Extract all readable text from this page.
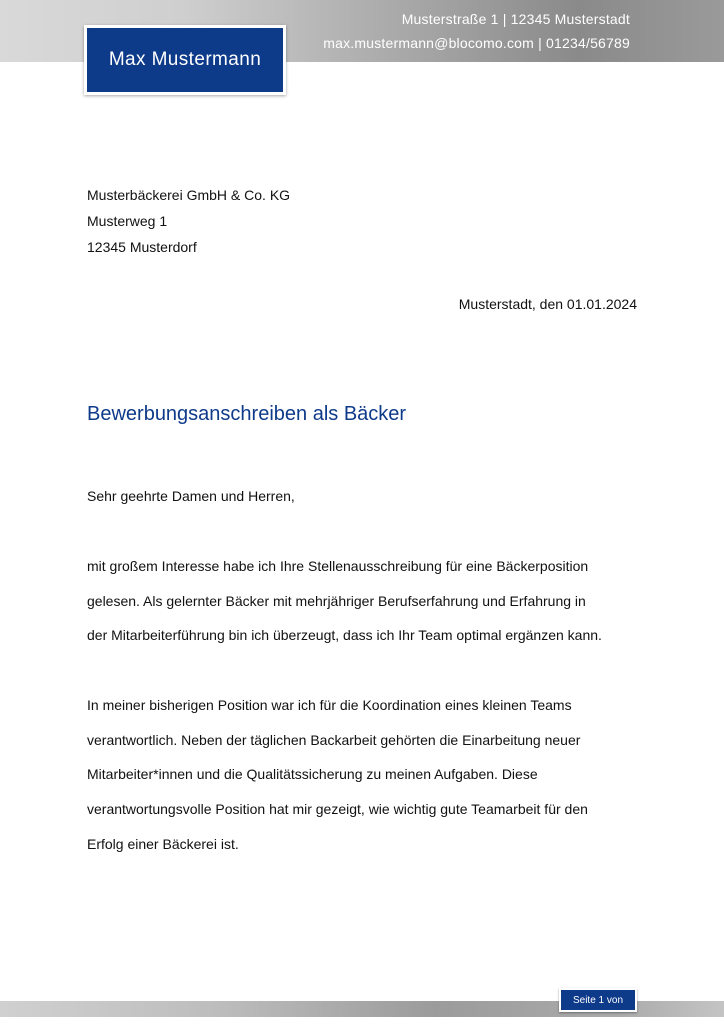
Musterstraße 1 | 12345 Musterstadt
max.mustermann@blocomo.com | 01234/56789
Max Mustermann
Musterbäckerei GmbH & Co. KG
Musterweg 1
12345 Musterdorf
Musterstadt, den 01.01.2024
Bewerbungsanschreiben als Bäcker
Sehr geehrte Damen und Herren,
mit großem Interesse habe ich Ihre Stellenausschreibung für eine Bäckerposition
gelesen. Als gelernter Bäcker mit mehrjähriger Berufserfahrung und Erfahrung in
der Mitarbeiterführung bin ich überzeugt, dass ich Ihr Team optimal ergänzen kann.
In meiner bisherigen Position war ich für die Koordination eines kleinen Teams
verantwortlich. Neben der täglichen Backarbeit gehörten die Einarbeitung neuer
Mitarbeiter*innen und die Qualitätssicherung zu meinen Aufgaben. Diese
verantwortungsvolle Position hat mir gezeigt, wie wichtig gute Teamarbeit für den
Erfolg einer Bäckerei ist.
Seite 1 von
